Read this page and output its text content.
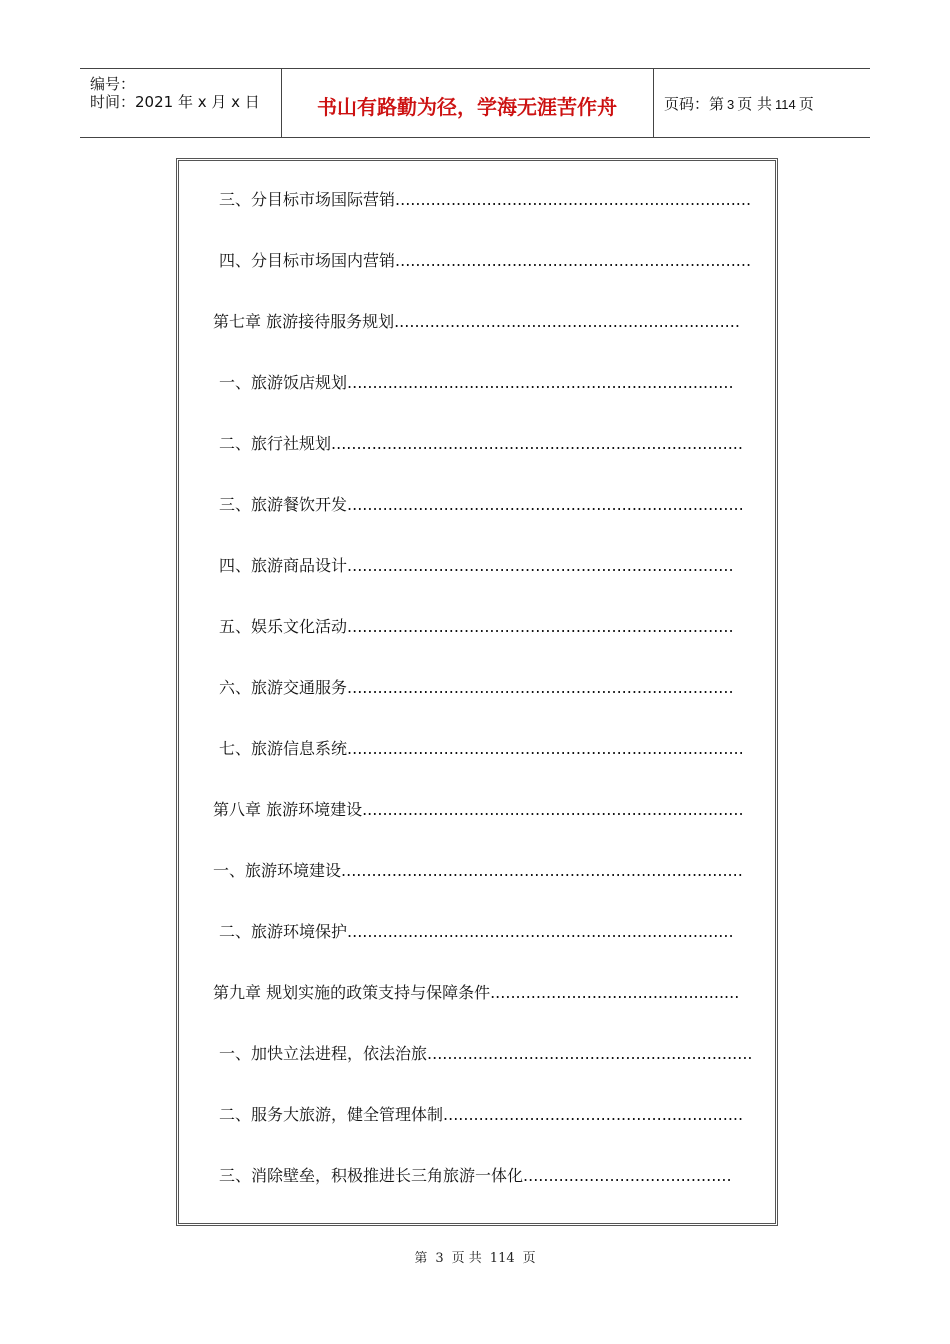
编号：
时间：2021 年 x 月 x 日	书山有路勤为径，学海无涯苦作舟	页码：第 3 页 共 114 页
三、分目标市场国际营销......................................................................
四、分目标市场国内营销......................................................................
第七章 旅游接待服务规划....................................................................
一、旅游饭店规划............................................................................
二、旅行社规划.................................................................................
三、旅游餐饮开发..............................................................................
四、旅游商品设计............................................................................
五、娱乐文化活动............................................................................
六、旅游交通服务............................................................................
七、旅游信息系统..............................................................................
第八章 旅游环境建设...........................................................................
一、旅游环境建设...............................................................................
二、旅游环境保护............................................................................
第九章 规划实施的政策支持与保障条件.................................................
一、加快立法进程，依法治旅................................................................
二、服务大旅游，健全管理体制...........................................................
三、消除壁垒，积极推进长三角旅游一体化.........................................
第 3 页 共 114 页
